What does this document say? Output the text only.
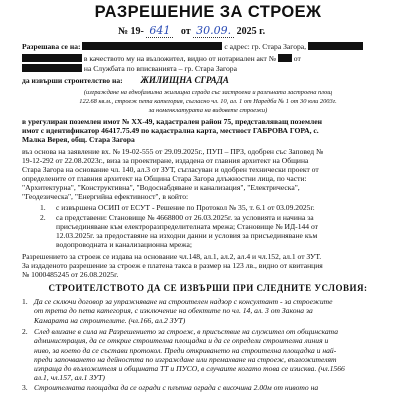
РАЗРЕШЕНИЕ ЗА СТРОЕЖ
№ 19- 641 от 30.09. 2025 г.
Разрешава се на:	с адрес: гр. Стара Загора,
в качеството му на възложител, видно от нотариален акт № от
на Службата по вписванията – гр. Стара Загора
да извърши строителство на: ЖИЛИЩНА СГРАДА
(изграждане на едноfамилна жилищна сграда със застроена и разгъната застроена площ
122.68 кв.м., строеж пета категория, съгласно чл. 10, ал. 1 от Наредба № 1 от 30 юли 2003г.
за номенклатурата на видовете строежи)
в урегулиран поземлен имот № ХХ-49, кадастрален район 75, представляващ поземлен
имот с идентификатор 46417.75.49 по кадастрална карта, местност ГАБРОВА ГОРА, с.
Малка Верея, общ. Стара Загора
въз основа на заявление вх. № 19-02-555 от 29.09.2025г., ПУП – ПРЗ, одобрен със Заповед №
19-12-292 от 22.08.2023г., виза за проектиране, издадена от главния архитект на Община
Стара Загора на основание чл. 140, ал.3 от ЗУТ, съгласуван и одобрен технически проект от
определените от главния архитект на Община Стара Загора длъжностни лица, по части:
"Архитектурна", "Конструктивна", "Водоснабдяване и канализация", "Електрическа",
"Геодезическа", "Енергийна ефективност", в който:
1. с извършена ОСИП от ЕСУТ - Решение по Протокол № 35, т. 6.1 от 03.09.2025г.
2. са представени: Становище № 4668800 от 26.03.2025г. за условията и начина за
присъединяване към електроразпределителната мрежа; Становище № ИД-144 от
12.03.2025г. за предоставяне на изходни данни и условия за присъединяване към
водопроводната и канализационна мрежа;
Разрешението за строеж се издава на основание чл.148, ал.1, ал.2, ал.4 и чл.152, ал.1 от ЗУТ.
За издаденото разрешение за строеж е платена такса в размер на 123 лв., видно от квитанция
№ 1000485245 от 26.08.2025г.
СТРОИТЕЛСТВОТО ДА СЕ ИЗВЪРШИ ПРИ СЛЕДНИТЕ УСЛОВИЯ:
1. Да се сключи договор за упражняване на строителен надзор с консултант - за строежите
от трета до пета категория, с изключение на обектите по чл. 14, ал. 3 от Закона за
Камарата на строителите. (чл.166, ал.2 ЗУТ)
2. След влизане в сила на Разрешението за строеж, в присъствие на служител от общинската
администрация, да се открие строителна площадка и да се определи строителна линия и
ниво, за което да се състави протокол. Преди откриването на строителна площадка и най-
преди започването на дейността по изграждане или премахване на строеж, възложителят
изпраща до възложителя и общината ТТ и ПУСО, в случаите когато това се изисква. (чл.1566
ал.1, чл.157, ал.1 ЗУТ)
3. Строителната площадка да се огради с плътна ограда с височина 2.00м от нивото на
